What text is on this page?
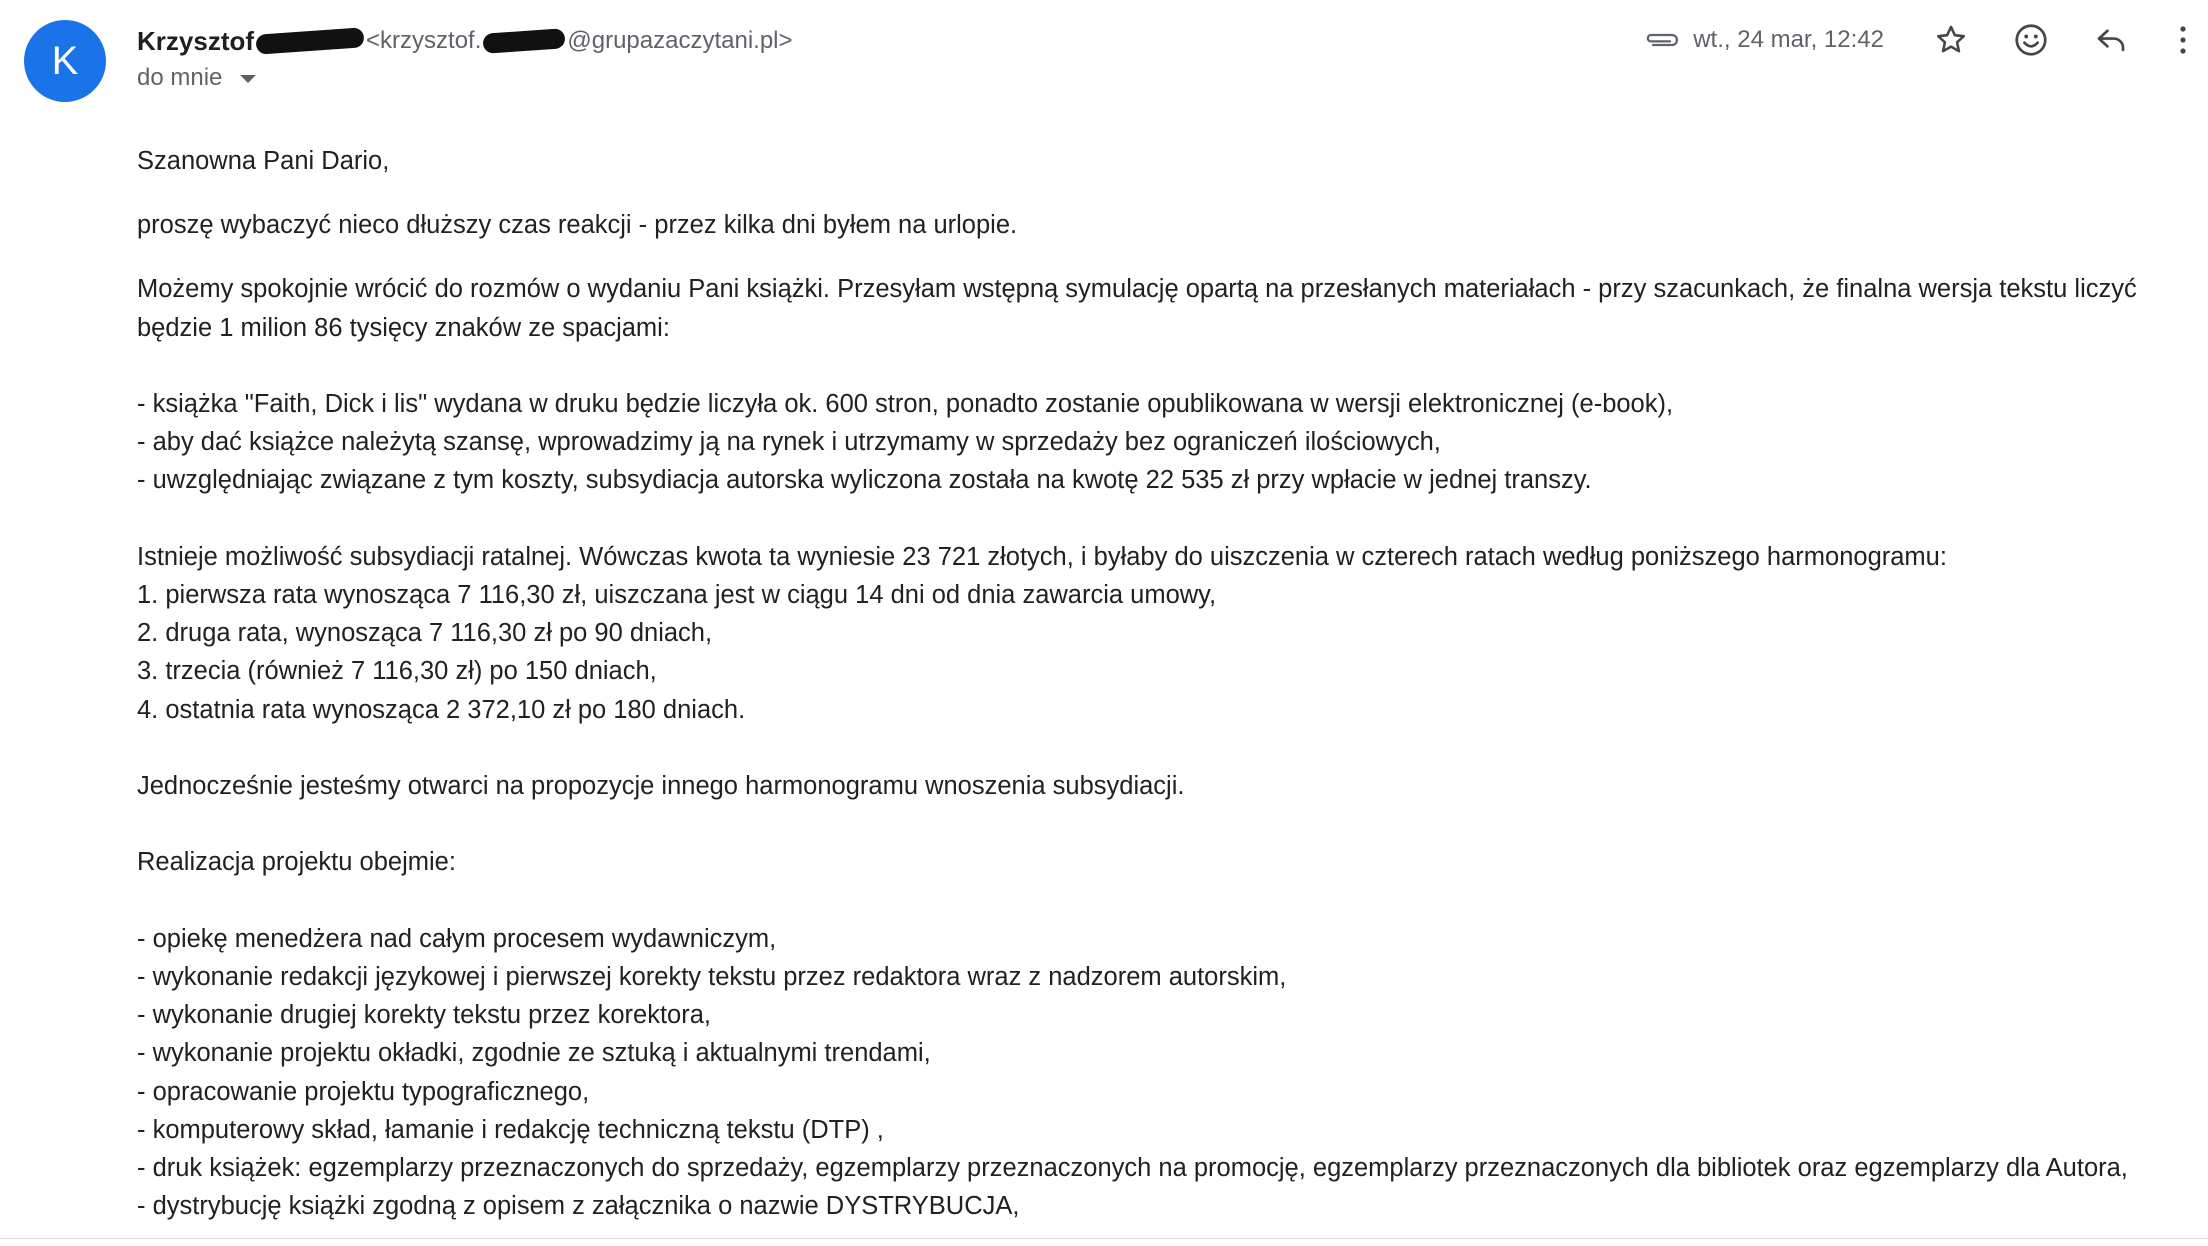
K Krzysztof	<krzysztof.	@grupazaczytani.pl>
do mnie
wt., 24 mar, 12:42

Szanowna Pani Dario,

proszę wybaczyć nieco dłuższy czas reakcji - przez kilka dni byłem na urlopie.

Możemy spokojnie wrócić do rozmów o wydaniu Pani książki. Przesyłam wstępną symulację opartą na przesłanych materiałach - przy szacunkach, że finalna wersja tekstu liczyć

będzie 1 milion 86 tysięcy znaków ze spacjami:

- książka "Faith, Dick i lis" wydana w druku będzie liczyła ok. 600 stron, ponadto zostanie opublikowana w wersji elektronicznej (e-book),

- aby dać książce należytą szansę, wprowadzimy ją na rynek i utrzymamy w sprzedaży bez ograniczeń ilościowych,

- uwzględniając związane z tym koszty, subsydiacja autorska wyliczona została na kwotę 22 535 zł przy wpłacie w jednej transzy.

Istnieje możliwość subsydiacji ratalnej. Wówczas kwota ta wyniesie 23 721 złotych, i byłaby do uiszczenia w czterech ratach według poniższego harmonogramu:

1. pierwsza rata wynosząca 7 116,30 zł, uiszczana jest w ciągu 14 dni od dnia zawarcia umowy,

2. druga rata, wynosząca 7 116,30 zł po 90 dniach,

3. trzecia (również 7 116,30 zł) po 150 dniach,

4. ostatnia rata wynosząca 2 372,10 zł po 180 dniach.

Jednocześnie jesteśmy otwarci na propozycje innego harmonogramu wnoszenia subsydiacji.

Realizacja projektu obejmie:

- opiekę menedżera nad całym procesem wydawniczym,

- wykonanie redakcji językowej i pierwszej korekty tekstu przez redaktora wraz z nadzorem autorskim,

- wykonanie drugiej korekty tekstu przez korektora,

- wykonanie projektu okładki, zgodnie ze sztuką i aktualnymi trendami,

- opracowanie projektu typograficznego,

- komputerowy skład, łamanie i redakcję techniczną tekstu (DTP) ,

- druk książek: egzemplarzy przeznaczonych do sprzedaży, egzemplarzy przeznaczonych na promocję, egzemplarzy przeznaczonych dla bibliotek oraz egzemplarzy dla Autora,

- dystrybucję książki zgodną z opisem z załącznika o nazwie DYSTRYBUCJA,
